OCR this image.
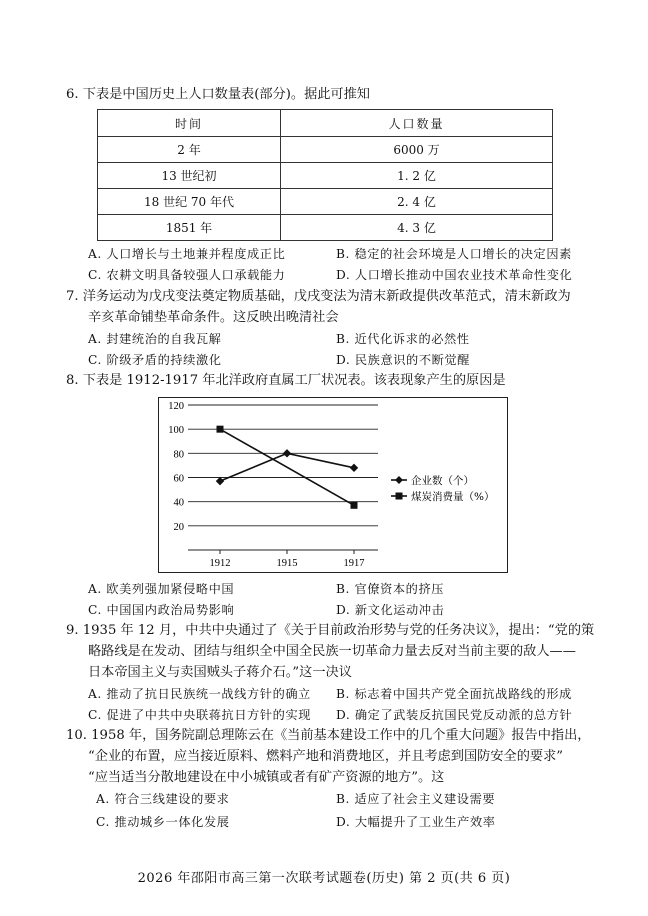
6. 下表是中国历史上人口数量表(部分)。据此可推知
时间	人口数量
2 年	6000 万
13 世纪初	1. 2 亿
18 世纪 70 年代	2. 4 亿
1851 年	4. 3 亿
A. 人口增长与土地兼并程度成正比	B. 稳定的社会环境是人口增长的决定因素
C. 农耕文明具备较强人口承载能力	D. 人口增长推动中国农业技术革命性变化
7. 洋务运动为戊戌变法奠定物质基础，戊戌变法为清末新政提供改革范式，清末新政为
辛亥革命铺垫革命条件。这反映出晚清社会
A. 封建统治的自我瓦解	B. 近代化诉求的必然性
C. 阶级矛盾的持续激化	D. 民族意识的不断觉醒
8. 下表是 1912-1917 年北洋政府直属工厂状况表。该表现象产生的原因是
120
100
80
60
40
20
1912	1915	1917
企业数（个）
煤炭消费量（%）
A. 欧美列强加紧侵略中国	B. 官僚资本的挤压
C. 中国国内政治局势影响	D. 新文化运动冲击
9. 1935 年 12 月，中共中央通过了《关于目前政治形势与党的任务决议》，提出：“党的策
略路线是在发动、团结与组织全中国全民族一切革命力量去反对当前主要的敌人——
日本帝国主义与卖国贼头子蒋介石。”这一决议
A. 推动了抗日民族统一战线方针的确立 B. 标志着中国共产党全面抗战路线的形成
C. 促进了中共中央联蒋抗日方针的实现 D. 确定了武装反抗国民党反动派的总方针
10. 1958 年，国务院副总理陈云在《当前基本建设工作中的几个重大问题》报告中指出，
“企业的布置，应当接近原料、燃料产地和消费地区，并且考虑到国防安全的要求”
“应当适当分散地建设在中小城镇或者有矿产资源的地方”。这
A. 符合三线建设的要求	B. 适应了社会主义建设需要
C. 推动城乡一体化发展	D. 大幅提升了工业生产效率
2026 年邵阳市高三第一次联考试题卷(历史) 第 2 页(共 6 页)
